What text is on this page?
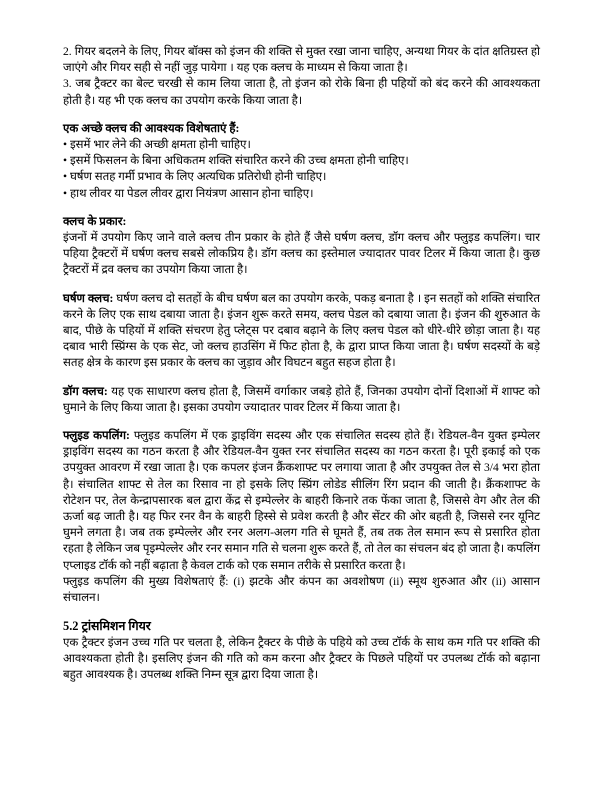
2. गियर बदलने के लिए, गियर बॉक्स को इंजन की शक्ति से मुक्त रखा जाना चाहिए, अन्यथा गियर के दांत क्षतिग्रस्त हो जाएंगे और गियर सही से नहीं जुड़ पायेगा । यह एक क्लच के माध्यम से किया जाता है।

3. जब ट्रैक्टर का बेल्ट चरखी से काम लिया जाता है, तो इंजन को रोके बिना ही पहियों को बंद करने की आवश्यकता होती है। यह भी एक क्लच का उपयोग करके किया जाता है।

एक अच्छे क्लच की आवश्यक विशेषताएं हैं:

• इसमें भार लेने की अच्छी क्षमता होनी चाहिए।
• इसमें फिसलन के बिना अधिकतम शक्ति संचारित करने की उच्च क्षमता होनी चाहिए।
• घर्षण सतह गर्मी प्रभाव के लिए अत्यधिक प्रतिरोधी होनी चाहिए।
• हाथ लीवर या पेडल लीवर द्वारा नियंत्रण आसान होना चाहिए।

क्लच के प्रकार:

इंजनों में उपयोग किए जाने वाले क्लच तीन प्रकार के होते हैं जैसे घर्षण क्लच, डॉग क्लच और फ्लुइड कपलिंग। चार पहिया ट्रैक्टरों में घर्षण क्लच सबसे लोकप्रिय है। डॉग क्लच का इस्तेमाल ज्यादातर पावर टिलर में किया जाता है। कुछ ट्रैक्टरों में द्रव क्लच का उपयोग किया जाता है।

घर्षण क्लच: घर्षण क्लच दो सतहों के बीच घर्षण बल का उपयोग करके, पकड़ बनाता है । इन सतहों को शक्ति संचारित करने के लिए एक साथ दबाया जाता है। इंजन शुरू करते समय, क्लच पेडल को दबाया जाता है। इंजन की शुरुआत के बाद, पीछे के पहियों में शक्ति संचरण हेतु प्लेट्स पर दबाव बढ़ाने के लिए क्लच पेडल को धीरे-धीरे छोड़ा जाता है। यह दबाव भारी स्प्रिंग्स के एक सेट, जो क्लच हाउसिंग में फिट होता है, के द्वारा प्राप्त किया जाता है। घर्षण सदस्यों के बड़े सतह क्षेत्र के कारण इस प्रकार के क्लच का जुड़ाव और विघटन बहुत सहज होता है।

डॉग क्लच: यह एक साधारण क्लच होता है, जिसमें वर्गाकार जबड़े होते हैं, जिनका उपयोग दोनों दिशाओं में शाफ्ट को घुमाने के लिए किया जाता है। इसका उपयोग ज्यादातर पावर टिलर में किया जाता है।

फ्लुइड कपलिंग: फ्लुइड कपलिंग में एक ड्राइविंग सदस्य और एक संचालित सदस्य होते हैं। रेडियल-वैन युक्त इम्पेलर ड्राइविंग सदस्य का गठन करता है और रेडियल-वैन युक्त रनर संचालित सदस्य का गठन करता है। पूरी इकाई को एक उपयुक्त आवरण में रखा जाता है। एक कपलर इंजन क्रैंकशाफ्ट पर लगाया जाता है और उपयुक्त तेल से 3/4 भरा होता है। संचालित शाफ्ट से तेल का रिसाव ना हो इसके लिए स्प्रिंग लोडेड सीलिंग रिंग प्रदान की जाती है। क्रैंकशाफ्ट के रोटेशन पर, तेल केन्द्रापसारक बल द्वारा केंद्र से इम्पेल्लेर के बाहरी किनारे तक फेंका जाता है, जिससे वेग और तेल की ऊर्जा बढ़ जाती है। यह फिर रनर वैन के बाहरी हिस्से से प्रवेश करती है और सेंटर की ओर बहती है, जिससे रनर यूनिट घुमने लगता है। जब तक इम्पेल्लेर और रनर अलग-अलग गति से घूमते हैं, तब तक तेल समान रूप से प्रसारित होता रहता है लेकिन जब पृइम्पेल्लेर और रनर समान गति से चलना शुरू करते हैं, तो तेल का संचलन बंद हो जाता है। कपलिंग एप्लाइड टॉर्क को नहीं बढ़ाता है केवल टार्क को एक समान तरीके से प्रसारित करता है।

फ्लुइड कपलिंग की मुख्य विशेषताएं हैं: (i) झटके और कंपन का अवशोषण (ii) स्मूथ शुरुआत और (ii) आसान संचालन।

5.2 ट्रांसमिशन गियर

एक ट्रैक्टर इंजन उच्च गति पर चलता है, लेकिन ट्रैक्टर के पीछे के पहिये को उच्च टॉर्क के साथ कम गति पर शक्ति की आवश्यकता होती है। इसलिए इंजन की गति को कम करना और ट्रैक्टर के पिछले पहियों पर उपलब्ध टॉर्क को बढ़ाना बहुत आवश्यक है। उपलब्ध शक्ति निम्न सूत्र द्वारा दिया जाता है।
